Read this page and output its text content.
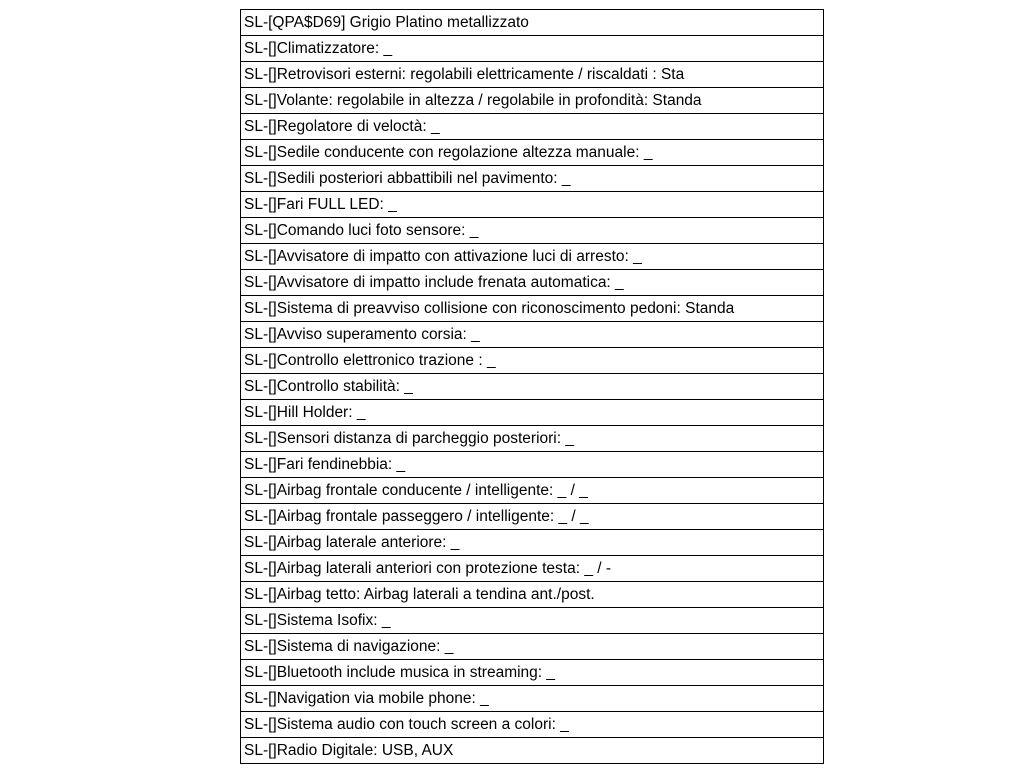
SL-[QPA$D69] Grigio Platino metallizzato
SL-[]Climatizzatore: _
SL-[]Retrovisori esterni: regolabili elettricamente / riscaldati : Sta
SL-[]Volante: regolabile in altezza / regolabile in profondità: Standa
SL-[]Regolatore di veloctà: _
SL-[]Sedile conducente con regolazione altezza manuale: _
SL-[]Sedili posteriori abbattibili nel pavimento: _
SL-[]Fari FULL LED: _
SL-[]Comando luci foto sensore: _
SL-[]Avvisatore di impatto con attivazione luci di arresto: _
SL-[]Avvisatore di impatto include frenata automatica: _
SL-[]Sistema di preavviso collisione con riconoscimento pedoni: Standa
SL-[]Avviso superamento corsia: _
SL-[]Controllo elettronico trazione : _
SL-[]Controllo stabilità: _
SL-[]Hill Holder: _
SL-[]Sensori distanza di parcheggio posteriori: _
SL-[]Fari fendinebbia: _
SL-[]Airbag frontale conducente / intelligente: _ / _
SL-[]Airbag frontale passeggero / intelligente: _ / _
SL-[]Airbag laterale anteriore: _
SL-[]Airbag laterali anteriori con protezione testa: _ / -
SL-[]Airbag tetto: Airbag laterali a tendina ant./post.
SL-[]Sistema Isofix: _
SL-[]Sistema di navigazione: _
SL-[]Bluetooth include musica in streaming: _
SL-[]Navigation via mobile phone: _
SL-[]Sistema audio con touch screen a colori: _
SL-[]Radio Digitale: USB, AUX
